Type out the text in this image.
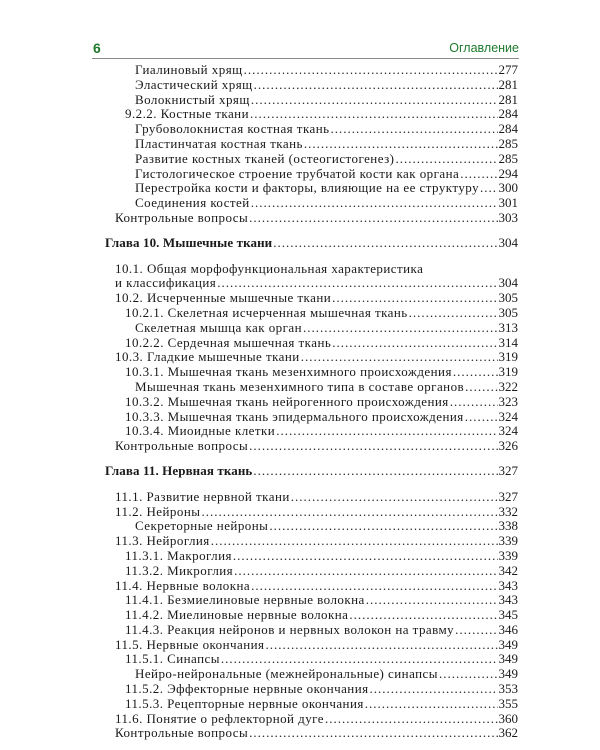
6	Оглавление
Гиалиновый хрящ .....	277
Эластический хрящ .....	281
Волокнистый хрящ .....	281
9.2.2. Костные ткани .....	284
Грубоволокнистая костная ткань .....	284
Пластинчатая костная ткань .....	285
Развитие костных тканей (остеогистогенез) .....	285
Гистологическое строение трубчатой кости как органа .....	294
Перестройка кости и факторы, влияющие на ее структуру ..... 300
Соединения костей .....	301
Контрольные вопросы .....	303
Глава 10. Мышечные ткани .....	304
10.1. Общая морфофункциональная характеристика
и классификация .....	304
10.2. Исчерченные мышечные ткани .....	305
10.2.1. Скелетная исчерченная мышечная ткань .....	305
Скелетная мышца как орган .....	313
10.2.2. Сердечная мышечная ткань .....	314
10.3. Гладкие мышечные ткани .....	319
10.3.1. Мышечная ткань мезенхимного происхождения .....	319
Мышечная ткань мезенхимного типа в составе органов .....	322
10.3.2. Мышечная ткань нейрогенного происхождения .....	323
10.3.3. Мышечная ткань эпидермального происхождения .....	324
10.3.4. Миоидные клетки .....	324
Контрольные вопросы .....	326
Глава 11. Нервная ткань .....	327
11.1. Развитие нервной ткани .....	327
11.2. Нейроны .....	332
Секреторные нейроны .....	338
11.3. Нейроглия .....	339
11.3.1. Макроглия .....	339
11.3.2. Микроглия .....	342
11.4. Нервные волокна .....	343
11.4.1. Безмиелиновые нервные волокна .....	343
11.4.2. Миелиновые нервные волокна .....	345
11.4.3. Реакция нейронов и нервных волокон на травму .....	346
11.5. Нервные окончания .....	349
11.5.1. Синапсы .....	349
Нейро-нейрональные (межнейрональные) синапсы .....	349
11.5.2. Эффекторные нервные окончания .....	353
11.5.3. Рецепторные нервные окончания .....	355
11.6. Понятие о рефлекторной дуге .....	360
Контрольные вопросы .....	362
